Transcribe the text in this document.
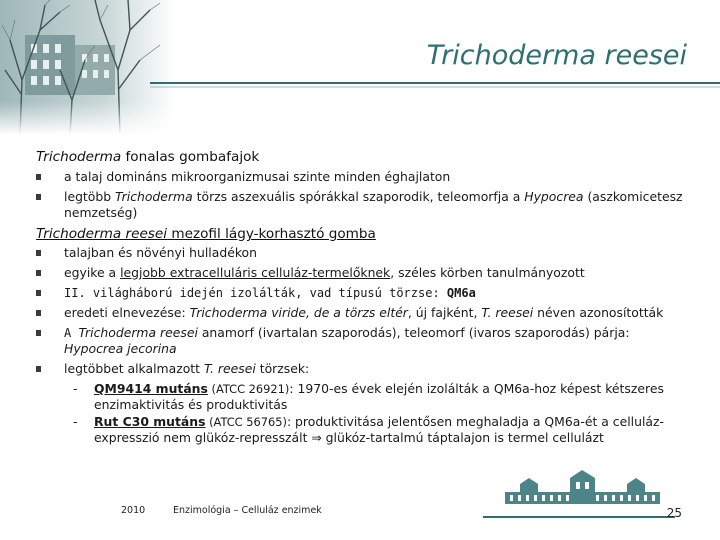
Trichoderma reesei
Trichoderma fonalas gombafajok
a talaj domináns mikroorganizmusai szinte minden éghajlaton
legtöbb Trichoderma törzs aszexuális spórákkal szaporodik, teleomorfja a Hypocrea (aszkomicetesz nemzetség)
Trichoderma reesei mezofil lágy-korhasztó gomba
talajban és növényi hulladékon
egyike a legjobb extracelluláris celluláz-termelőknek, széles körben tanulmányozott
II. világháború idején izolálták, vad típusú törzse: QM6a
eredeti elnevezése: Trichoderma viride, de a törzs eltér, új fajként, T. reesei néven azonosították
A Trichoderma reesei anamorf (ivartalan szaporodás), teleomorf (ivaros szaporodás) párja: Hypocrea jecorina
legtöbbet alkalmazott T. reesei törzsek:
- QM9414 mutáns (ATCC 26921): 1970-es évek elején izolálták a QM6a-hoz képest kétszeres enzimaktivitás és produktivitás
- Rut C30 mutáns (ATCC 56765): produktivitása jelentősen meghaladja a QM6a-ét a celluláz-expresszió nem glükóz-represszált ⇒ glükóz-tartalmú táptalajon is termel cellulázt
2010	Enzimológia – Celluláz enzimek	25
